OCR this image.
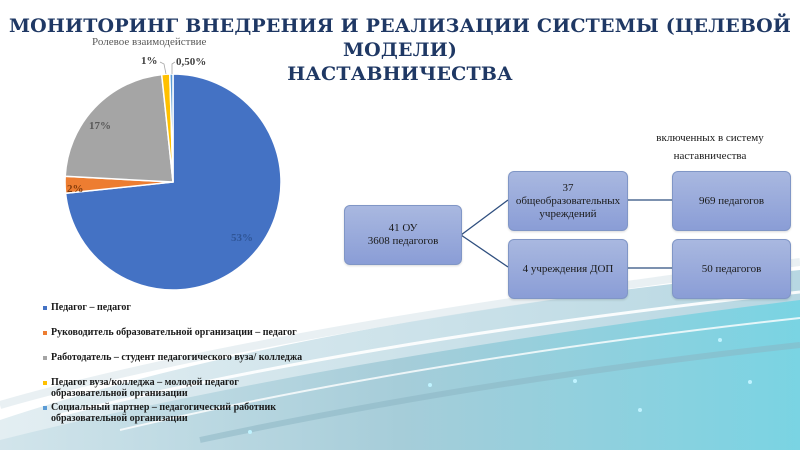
МОНИТОРИНГ ВНЕДРЕНИЯ И РЕАЛИЗАЦИИ СИСТЕМЫ (ЦЕЛЕВОЙ МОДЕЛИ)
НАСТАВНИЧЕСТВА
Ролевое взаимодействие
53%
2%
17%
1% 0,50%
Педагог – педагог
Руководитель образовательной организации – педагог
Работодатель – студент педагогического вуза/ колледжа
Педагог вуза/колледжа – молодой педагог
образовательной организации
Социальный партнер – педагогический работник
образовательной организации
включенных в систему
наставничества
41 ОУ
3608 педагогов
37
общеобразовательных
учреждений
4 учреждения ДОП
969 педагогов
50 педагогов
